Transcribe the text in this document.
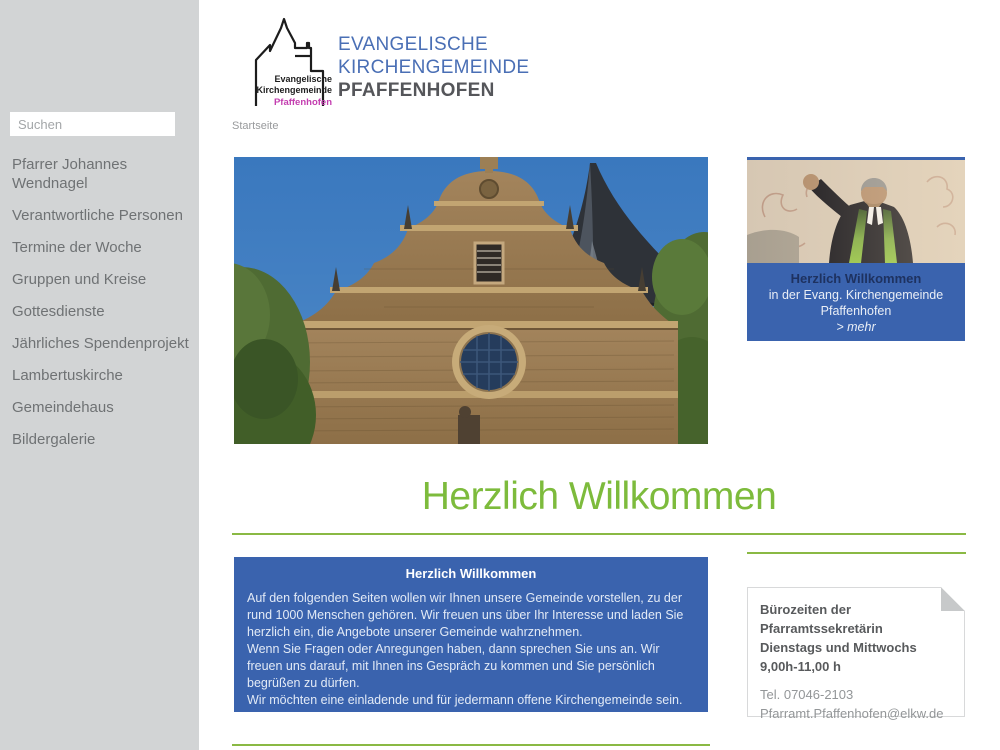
Suchen
Pfarrer Johannes Wendnagel
Verantwortliche Personen
Termine der Woche
Gruppen und Kreise
Gottesdienste
Jährliches Spendenprojekt
Lambertuskirche
Gemeindehaus
Bildergalerie
Evangelische
Kirchengemeinde
Pfaffenhofen
EVANGELISCHE
KIRCHENGEMEINDE
PFAFFENHOFEN
Startseite
Herzlich Willkommen
in der Evang. Kirchengemeinde
Pfaffenhofen
> mehr
Herzlich Willkommen
Herzlich Willkommen

Auf den folgenden Seiten wollen wir Ihnen unsere Gemeinde vorstellen, zu der rund 1000 Menschen gehören. Wir freuen uns über Ihr Interesse und laden Sie herzlich ein, die Angebote unserer Gemeinde wahrznehmen.

Wenn Sie Fragen oder Anregungen haben, dann sprechen Sie uns an. Wir freuen uns darauf, mit Ihnen ins Gespräch zu kommen und Sie persönlich begrüßen zu dürfen.

Wir möchten eine einladende und für jedermann offene Kirchengemeinde sein.

Bürozeiten der
Pfarramtssekretärin
Dienstags und Mittwochs
9,00h-11,00 h
Tel. 07046-2103
Pfarramt.Pfaffenhofen@elkw.de
